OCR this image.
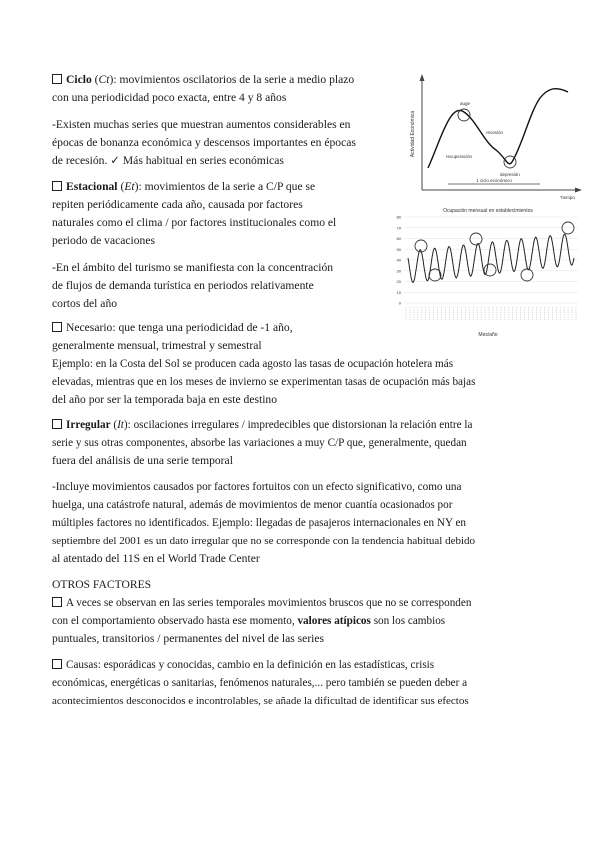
Ciclo (Ct): movimientos oscilatorios de la serie a medio plazo

con una periodicidad poco exacta, entre 4 y 8 años

-Existen muchas series que muestran aumentos considerables en

épocas de bonanza económica y descensos importantes en épocas

de recesión. ✓ Más habitual en series económicas

Estacional (Et): movimientos de la serie a C/P que se

repiten periódicamente cada año, causada por factores

naturales como el clima / por factores institucionales como el

periodo de vacaciones

-En el ámbito del turismo se manifiesta con la concentración

de flujos de demanda turística en periodos relativamente

cortos del año

Necesario: que tenga una periodicidad de -1 año,

generalmente mensual, trimestral y semestral

Ejemplo: en la Costa del Sol se producen cada agosto las tasas de ocupación hotelera más

elevadas, mientras que en los meses de invierno se experimentan tasas de ocupación más bajas

del año por ser la temporada baja en este destino

Irregular (It): oscilaciones irregulares / impredecibles que distorsionan la relación entre la

serie y sus otras componentes, absorbe las variaciones a muy C/P que, generalmente, quedan

fuera del análisis de una serie temporal

-Incluye movimientos causados por factores fortuitos con un efecto significativo, como una

huelga, una catástrofe natural, además de movimientos de menor cuantía ocasionados por

múltiples factores no identificados. Ejemplo: llegadas de pasajeros internacionales en NY en

septiembre del 2001 es un dato irregular que no se corresponde con la tendencia habitual debido

al atentado del 11S en el World Trade Center

OTROS FACTORES

A veces se observan en las series temporales movimientos bruscos que no se corresponden

con el comportamiento observado hasta ese momento, valores atípicos son los cambios

puntuales, transitorios / permanentes del nivel de las series

Causas: esporádicas y conocidas, cambio en la definición en las estadísticas, crisis

económicas, energéticas o sanitarias, fenómenos naturales,... pero también se pueden deber a

acontecimientos desconocidos e incontrolables, se añade la dificultad de identificar sus efectos

Actividad Económica
auge
recesión
recuperación
depresión
1 ciclo económico
Tiempo
Ocupación mensual en establecimientos
80
70
60
50
40
30
20
10
0
Mes/año
